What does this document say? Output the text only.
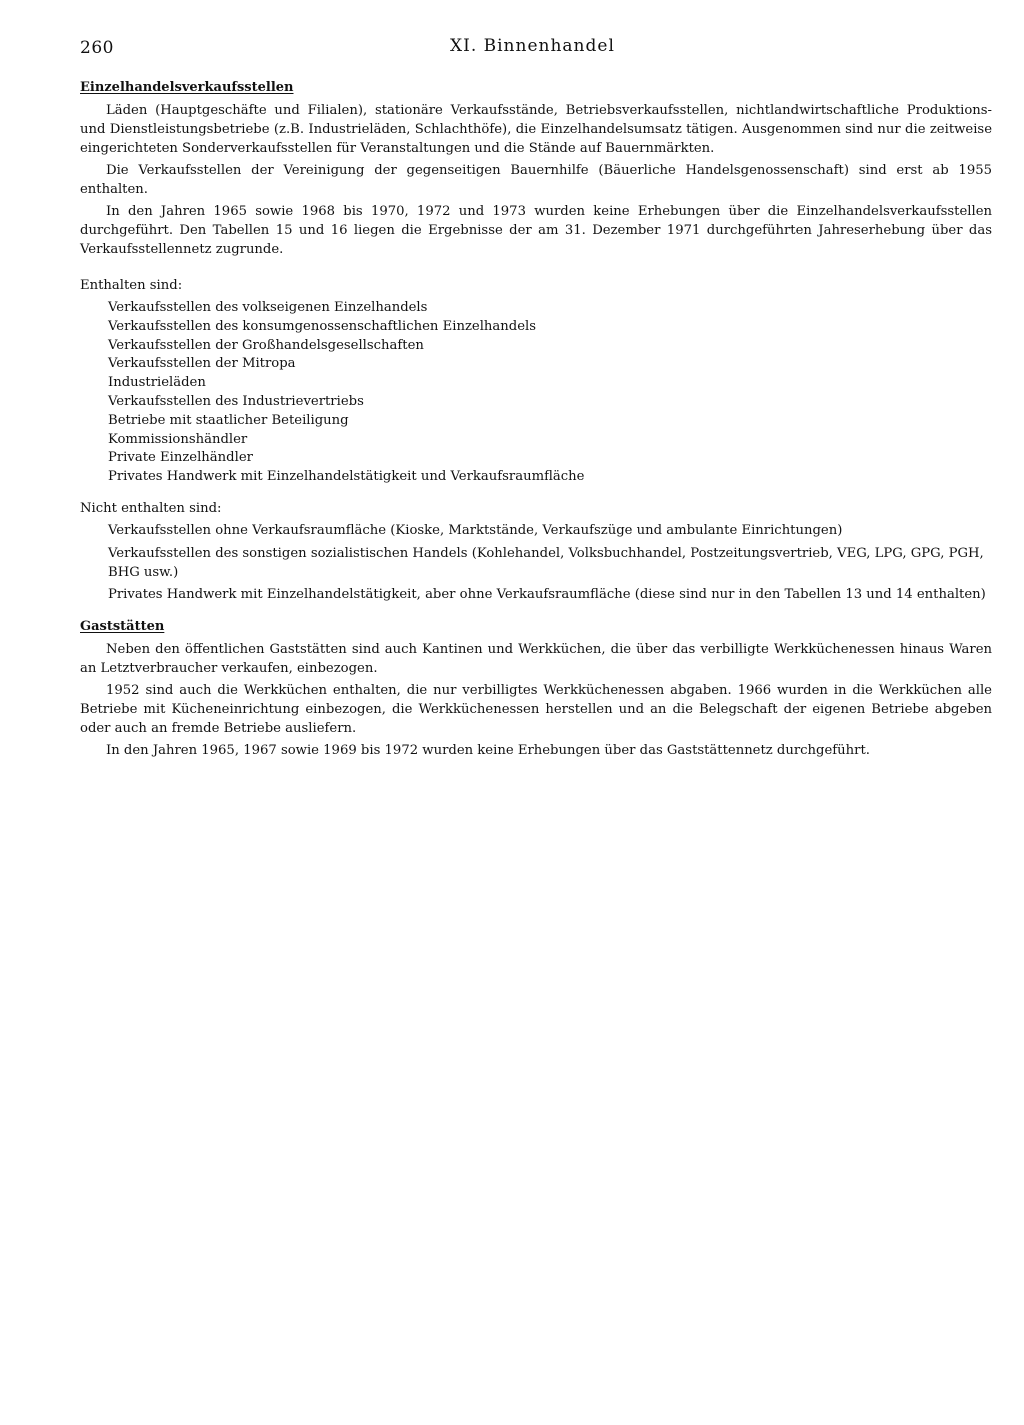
260	XI. Binnenhandel

Einzelhandelsverkaufsstellen

Läden (Hauptgeschäfte und Filialen), stationäre Verkaufsstände, Betriebsverkaufsstellen, nichtlandwirtschaftliche Produktions- und Dienstleistungsbetriebe (z.B. Industrieläden, Schlachthöfe), die Einzelhandelsumsatz tätigen. Ausgenommen sind nur die zeitweise eingerichteten Sonderverkaufsstellen für Veranstaltungen und die Stände auf Bauernmärkten.

Die Verkaufsstellen der Vereinigung der gegenseitigen Bauernhilfe (Bäuerliche Handelsgenossenschaft) sind erst ab 1955 enthalten.

In den Jahren 1965 sowie 1968 bis 1970, 1972 und 1973 wurden keine Erhebungen über die Einzelhandelsverkaufsstellen durchgeführt. Den Tabellen 15 und 16 liegen die Ergebnisse der am 31. Dezember 1971 durchgeführten Jahreserhebung über das Verkaufsstellennetz zugrunde.

Enthalten sind:

Verkaufsstellen des volkseigenen Einzelhandels
Verkaufsstellen des konsumgenossenschaftlichen Einzelhandels
Verkaufsstellen der Großhandelsgesellschaften
Verkaufsstellen der Mitropa
Industrieläden
Verkaufsstellen des Industrievertriebs
Betriebe mit staatlicher Beteiligung
Kommissionshändler
Private Einzelhändler
Privates Handwerk mit Einzelhandelstätigkeit und Verkaufsraumfläche

Nicht enthalten sind:

Verkaufsstellen ohne Verkaufsraumfläche (Kioske, Marktstände, Verkaufszüge und ambulante Einrichtungen)
Verkaufsstellen des sonstigen sozialistischen Handels (Kohlehandel, Volksbuchhandel, Postzeitungsvertrieb, VEG, LPG, GPG, PGH, BHG usw.)
Privates Handwerk mit Einzelhandelstätigkeit, aber ohne Verkaufsraumfläche (diese sind nur in den Tabellen 13 und 14 enthalten)

Gaststätten

Neben den öffentlichen Gaststätten sind auch Kantinen und Werkküchen, die über das verbilligte Werkküchenessen hinaus Waren an Letztverbraucher verkaufen, einbezogen.

1952 sind auch die Werkküchen enthalten, die nur verbilligtes Werkküchenessen abgaben. 1966 wurden in die Werkküchen alle Betriebe mit Kücheneinrichtung einbezogen, die Werkküchenessen herstellen und an die Belegschaft der eigenen Betriebe abgeben oder auch an fremde Betriebe ausliefern.

In den Jahren 1965, 1967 sowie 1969 bis 1972 wurden keine Erhebungen über das Gaststättennetz durchgeführt.
